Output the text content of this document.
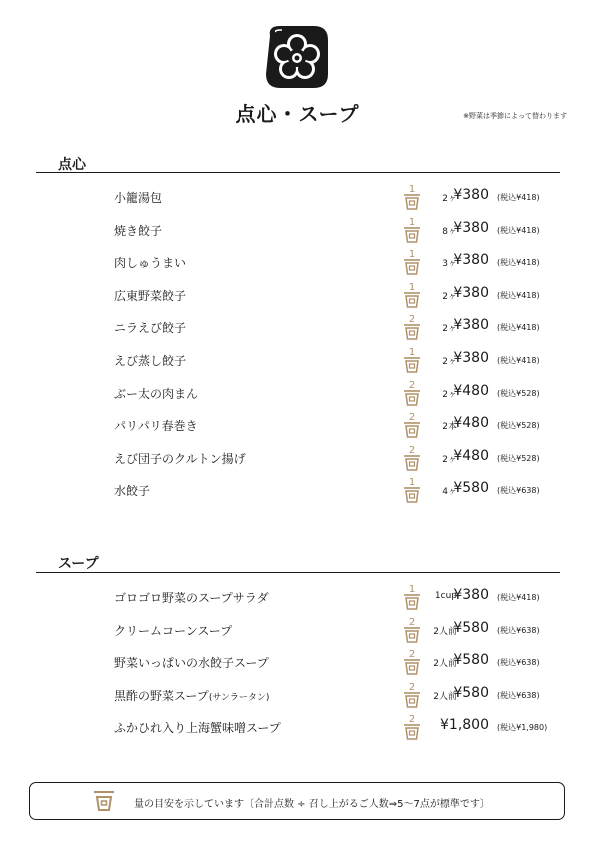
点心・スープ	※野菜は季節によって替わります
点心
小籠湯包
1
2ヶ
¥380 (税込¥418)
焼き餃子
1
8ヶ
¥380 (税込¥418)
肉しゅうまい
1
3ヶ
¥380 (税込¥418)
広東野菜餃子
1
2ヶ
¥380 (税込¥418)
ニラえび餃子
2
2ヶ
¥380 (税込¥418)
えび蒸し餃子
1
2ヶ
¥380 (税込¥418)
ぶー太の肉まん
2
2ヶ
¥480 (税込¥528)
パリパリ春巻き
2
2本
¥480 (税込¥528)
えび団子のクルトン揚げ
2
2ヶ
¥480 (税込¥528)
水餃子
1
4ヶ
¥580 (税込¥638)
スープ
ゴロゴロ野菜のスープサラダ
1
1cup
¥380 (税込¥418)
クリームコーンスープ
2
2人前
¥580 (税込¥638)
野菜いっぱいの水餃子スープ
2
2人前
¥580 (税込¥638)
黒酢の野菜スープ(サンラータン)
2
2人前
¥580 (税込¥638)
ふかひれ入り上海蟹味噌スープ
2 ¥1,800 (税込¥1,980)
量の目安を示しています〔合計点数 ÷ 召し上がるご人数⇒5〜7点が標準です〕
